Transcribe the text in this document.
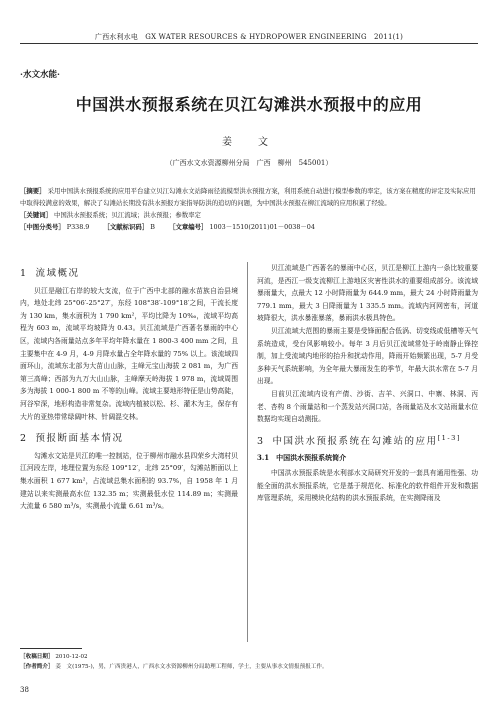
广西水利水电　GX WATER RESOURCES & HYDROPOWER ENGINEERING　2011(1)
·水文水能·
中国洪水预报系统在贝江勾滩洪水预报中的应用
姜　文
（广西水文水资源柳州分局　广西　柳州　545001）
［摘要］ 采用中国洪水预报系统的应用平台建立贝江勾滩水文站降雨径流模型洪水预报方案，利用系统自动进行模型参数的率定，该方案在精度的评定及实际应用中取得较满意的效果，解决了勾滩站长期没有洪水预报方案指导防洪的追切的问题，为中国洪水预报在柳江流域的应用积累了经验。
［关键词］ 中国洪水预报系统；贝江流域；洪水预报；参数率定
［中图分类号］ P338.9 ［文献标识码］ B ［文章编号］ 1003－1510(2011)01－0038－04
1 流域概况

贝江是融江右岸的较大支流，位于广西中北部的融水苗族自治县境内，地处北纬 25°06′-25°27′，东经 108°38′-109°18′之间，干流长度为 130 km，集水面积为 1 790 km²，平均比降为 10‰，流域平均高程为 603 m，流域平均坡降为 0.43。贝江流域是广西著名暴雨的中心区，流域内各雨量站点多年平均年降水量在 1 800-3 400 mm 之间，且主要集中在 4-9 月，4-9 月降水量占全年降水量的 75% 以上。该流域四面环山，流域东北部为大苗山山脉，主峰元宝山海拔 2 081 m，为广西第三高峰；西部为九万大山山脉，主峰摩天岭海拔 1 978 m，流域周围多为海拔 1 000-1 800 m 不等的山峰。流域主要地形特征是山势高陡，河谷窄深，地形构造非常复杂。流域内植被以松、杉、灌木为主，保存有大片的亚热带常绿阔叶林、针阔混交林。

2 预报断面基本情况

勾滩水文站是贝江的唯一控制站，位于柳州市融水县四荣乡大湾村贝江河段左岸，地理位置为东经 109°12′，北纬 25°09′，勾滩站断面以上集水面积 1 677 km²，占流域总集水面积的 93.7%，自 1958 年 1 月建站以来实测最高水位 132.35 m；实测最低水位 114.89 m；实测最大流量 6 580 m³/s，实测最小流量 6.61 m³/s。

贝江流域是广西著名的暴雨中心区，贝江是柳江上游内一条比较重要河流，是西江一级支流柳江上游地区灾害性洪水的重要组成部分。该流域暴雨量大，点最大 12 小时降雨量为 644.9 mm，最大 24 小时降雨量为 779.1 mm，最大 3 日降雨量为 1 335.5 mm。流域内河网密布，河道坡降很大，洪水暴涨暴落，暴雨洪水极具特色。

贝江流域大范围的暴雨主要是受锋面配合低涡、切变线或低槽等天气系统造成，受台风影响较小。每年 3 月后贝江流域常处于岭南静止锋控制，加上受流域内地形的抬升和扰动作用，降雨开始频繁出现，5-7 月受多种天气系统影响，为全年最大暴雨发生的季节，年最大洪水常在 5-7 月出现。

目前贝江流域内设有产倩、沙街、吉羊、兴洞口、中寨、林洞、丙老、杏构 8 个雨量站和一个蒸发站兴洞口站，各雨量站及水文站雨量水位数据均实现自动测报。

3 中国洪水预报系统在勾滩站的应用[1-3]
3.1　中国洪水预报系统简介

中国洪水预报系统是水利部水文局研究开发的一套具有通用性强、功能全面的洪水预报系统，它是基于规范化、标准化的软件组件开发和数据库管理系统，采用模块化结构的洪水预报系统，在实测降雨及

［收稿日期］ 2010-12-02
［作者简介］ 姜　文(1975-)，男，广西贵港人，广西水文水资源柳州分局助理工程师，学士，主要从事水文情报预报工作。
38
